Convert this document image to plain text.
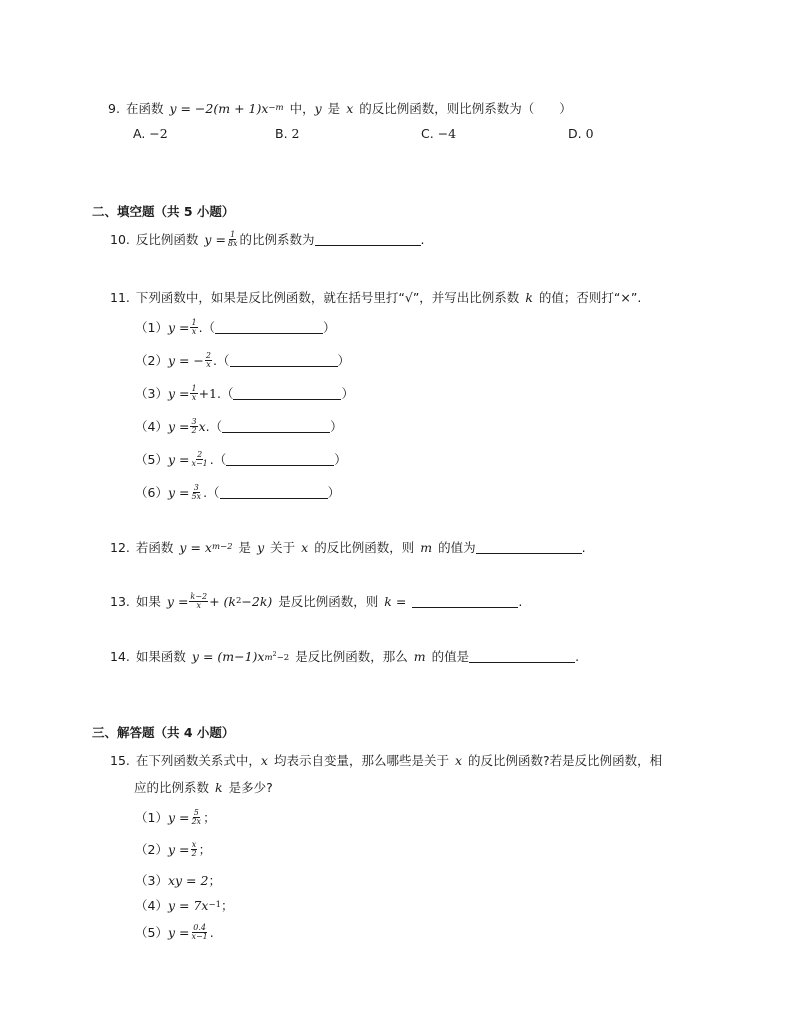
9. 在函数 y = −2(m + 1)x −m 中， y 是 x 的反比例函数，则比例系数为（　　）
A. −2	B. 2	C. −4	D. 0
二、填空题（共 5 小题）
10. 反比例函数 $y = \frac{1}{8x}$ 的比例系数为	.
11. 下列函数中，如果是反比例函数，就在括号里打“√”，并写出比例系数 k 的值；否则打“×”.
（1） $y = \frac{1}{x}$ .（	）
（2） y = − $\frac{2}{x}$ .（	）
（3） $y = \frac{1}{x} +1$ .（	）
（4） $y = \frac{3}{2}$ x .（	）
（5） $y = \frac{2}{x-1}$ .（	）
（6） $y = \frac{3}{5x}$ .（	）
12. 若函数 y = x m−2 是 y 关于 x 的反比例函数，则 m 的值为	.
13. 如果 $y = \frac{k-2}{x} + (k$ 2 −2k) 是反比例函数，则 k =	.
14. 如果函数 y = (m−1)x $m^2-2$ 是反比例函数，那么 m 的值是	.
三、解答题（共 4 小题）
15. 在下列函数关系式中， x 均表示自变量，那么哪些是关于 x 的反比例函数?若是反比例函数，相
应的比例系数 k 是多少?
（1） $y = \frac{5}{2x}$ ；
（2） $y = \frac{x}{2}$ ；
（3） xy = 2 ；
（4） y = 7x −1 ；
（5） $y = \frac{0.4}{x-1}$ .
